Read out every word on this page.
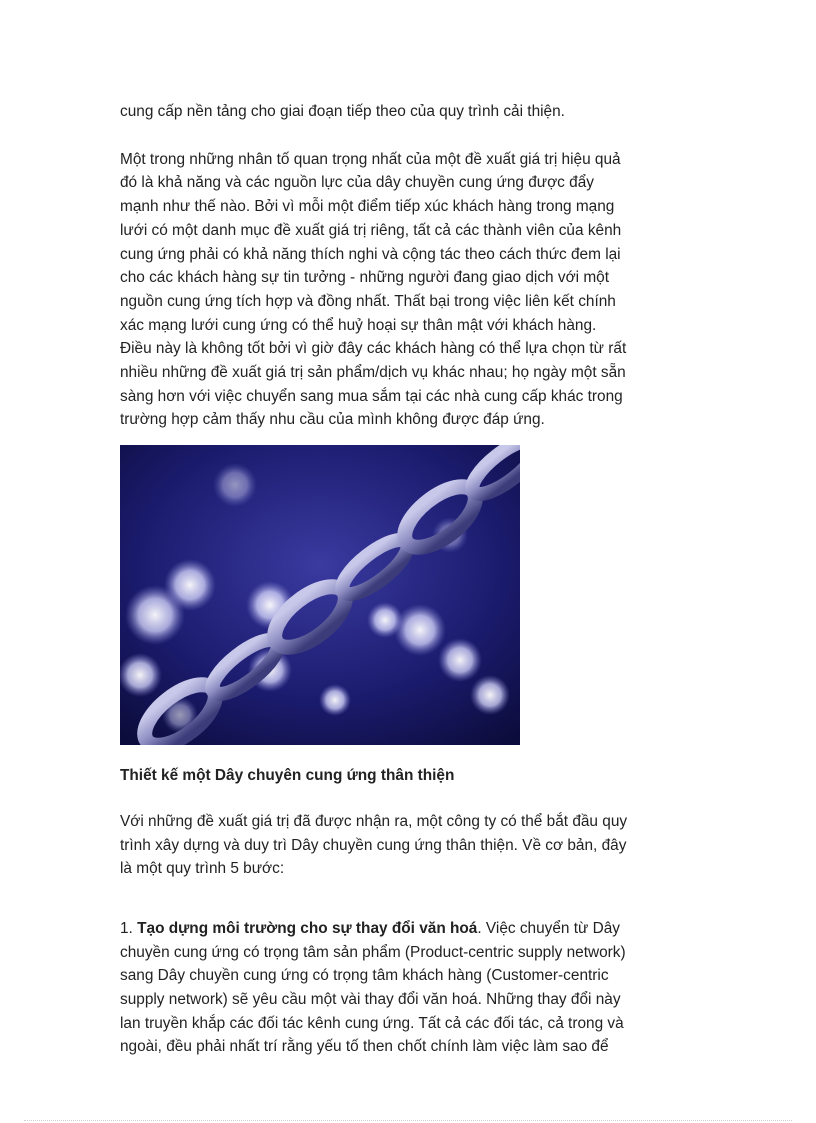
cung cấp nền tảng cho giai đoạn tiếp theo của quy trình cải thiện.

Một trong những nhân tố quan trọng nhất của một đề xuất giá trị hiệu quả
đó là khả năng và các nguồn lực của dây chuyền cung ứng được đẩy
mạnh như thế nào. Bởi vì mỗi một điểm tiếp xúc khách hàng trong mạng
lưới có một danh mục đề xuất giá trị riêng, tất cả các thành viên của kênh
cung ứng phải có khả năng thích nghi và cộng tác theo cách thức đem lại
cho các khách hàng sự tin tưởng - những người đang giao dịch với một
nguồn cung ứng tích hợp và đồng nhất. Thất bại trong việc liên kết chính
xác mạng lưới cung ứng có thể huỷ hoại sự thân mật với khách hàng.
Điều này là không tốt bởi vì giờ đây các khách hàng có thể lựa chọn từ rất
nhiều những đề xuất giá trị sản phẩm/dịch vụ khác nhau; họ ngày một sẵn
sàng hơn với việc chuyển sang mua sắm tại các nhà cung cấp khác trong
trường hợp cảm thấy nhu cầu của mình không được đáp ứng.

Thiết kế một Dây chuyên cung ứng thân thiện

Với những đề xuất giá trị đã được nhận ra, một công ty có thể bắt đầu quy
trình xây dựng và duy trì Dây chuyền cung ứng thân thiện. Về cơ bản, đây
là một quy trình 5 bước:

1. Tạo dựng môi trường cho sự thay đổi văn hoá. Việc chuyển từ Dây
chuyền cung ứng có trọng tâm sản phẩm (Product-centric supply network)
sang Dây chuyền cung ứng có trọng tâm khách hàng (Customer-centric
supply network) sẽ yêu cầu một vài thay đổi văn hoá. Những thay đổi này
lan truyền khắp các đối tác kênh cung ứng. Tất cả các đối tác, cả trong và
ngoài, đều phải nhất trí rằng yếu tố then chốt chính làm việc làm sao để
